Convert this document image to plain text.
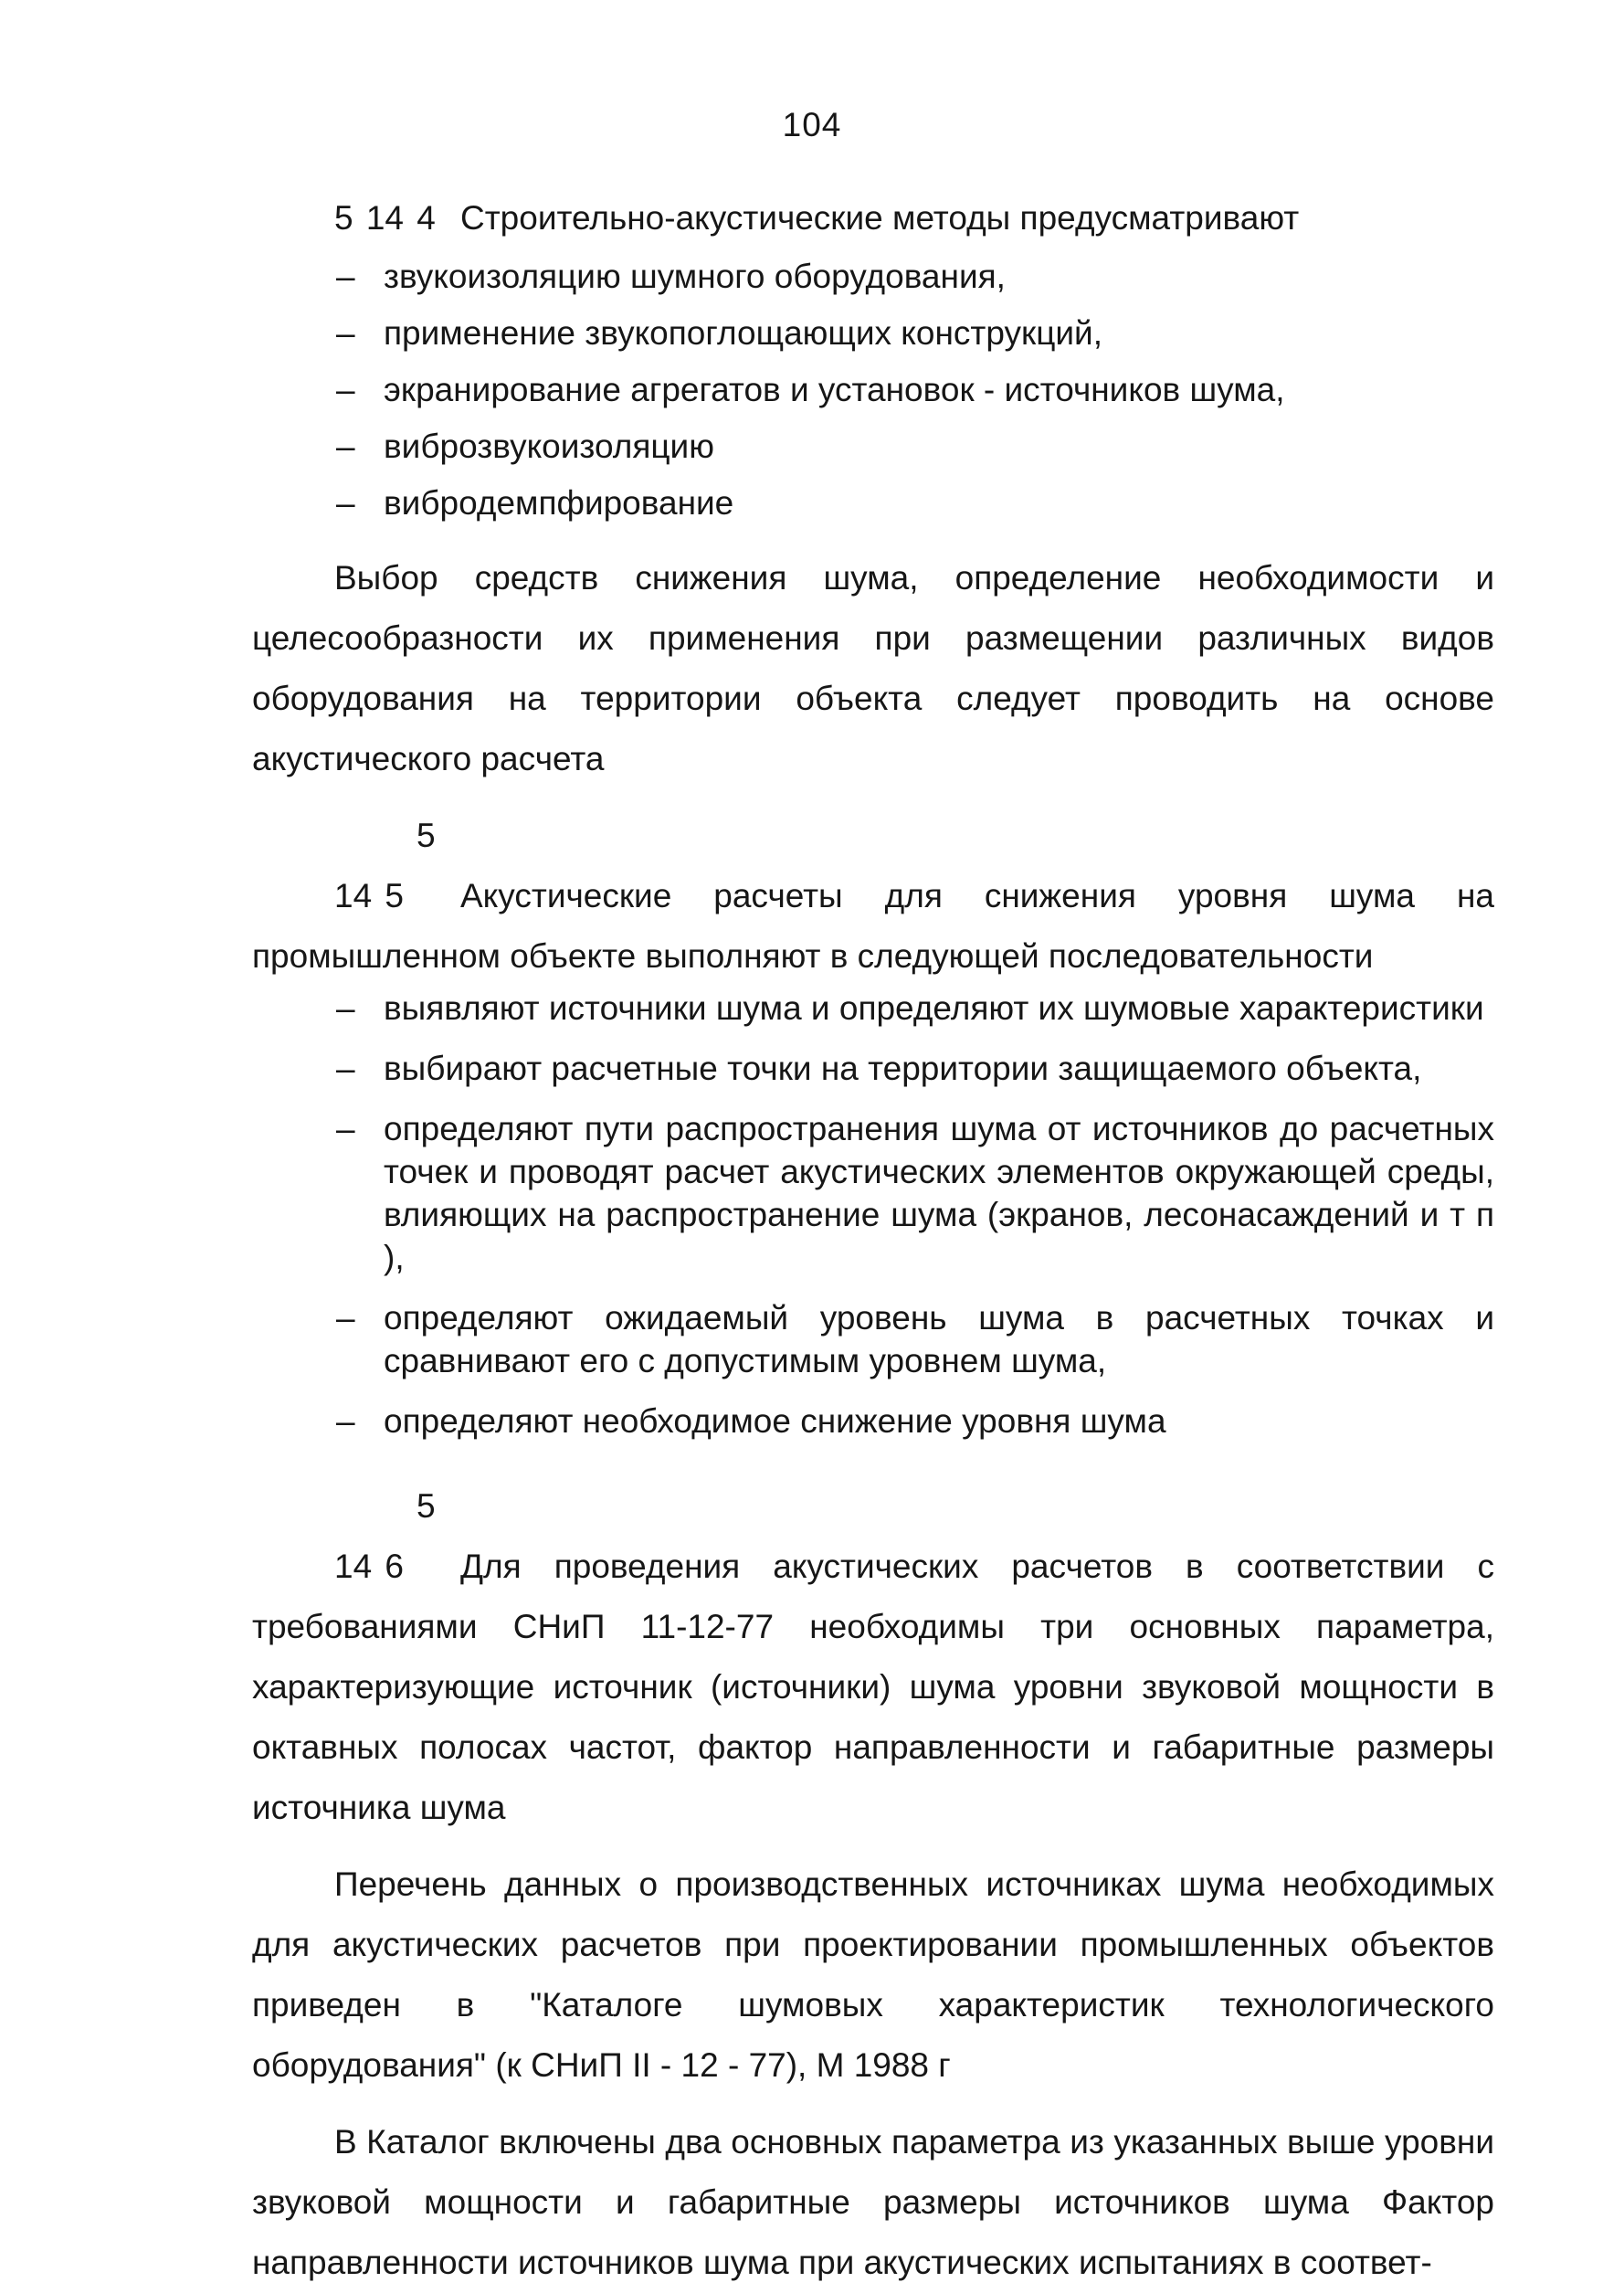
104

5 14 4 Строительно-акустические методы предусматривают

– звукоизоляцию шумного оборудования,
– применение звукопоглощающих конструкций,
– экранирование агрегатов и установок - источников шума,
– виброзвукоизоляцию
– вибродемпфирование

Выбор средств снижения шума, определение необходимости и целесообразности их применения при размещении различных видов оборудования на территории объекта следует проводить на основе акустического расчета

5 14 5 Акустические расчеты для снижения уровня шума на промышленном объекте выполняют в следующей последовательности

– выявляют источники шума и определяют их шумовые характеристики
– выбирают расчетные точки на территории защищаемого объекта,
– определяют пути распространения шума от источников до расчетных точек и проводят расчет акустических элементов окружающей среды, влияющих на распространение шума (экранов, лесонасаждений и т п ),
– определяют ожидаемый уровень шума в расчетных точках и сравнивают его с допустимым уровнем шума,
– определяют необходимое снижение уровня шума

5 14 6 Для проведения акустических расчетов в соответствии с требованиями СНиП 11-12-77 необходимы три основных параметра, характеризующие источник (источники) шума уровни звуковой мощности в октавных полосах частот, фактор направленности и габаритные размеры источника шума

Перечень данных о производственных источниках шума необходимых для акустических расчетов при проектировании промышленных объектов приведен в "Каталоге шумовых характеристик технологического оборудования" (к СНиП II - 12 - 77), М 1988 г

В Каталог включены два основных параметра из указанных выше уровни звуковой мощности и габаритные размеры источников шума Фактор направленности источников шума при акустических испытаниях в соответ-
